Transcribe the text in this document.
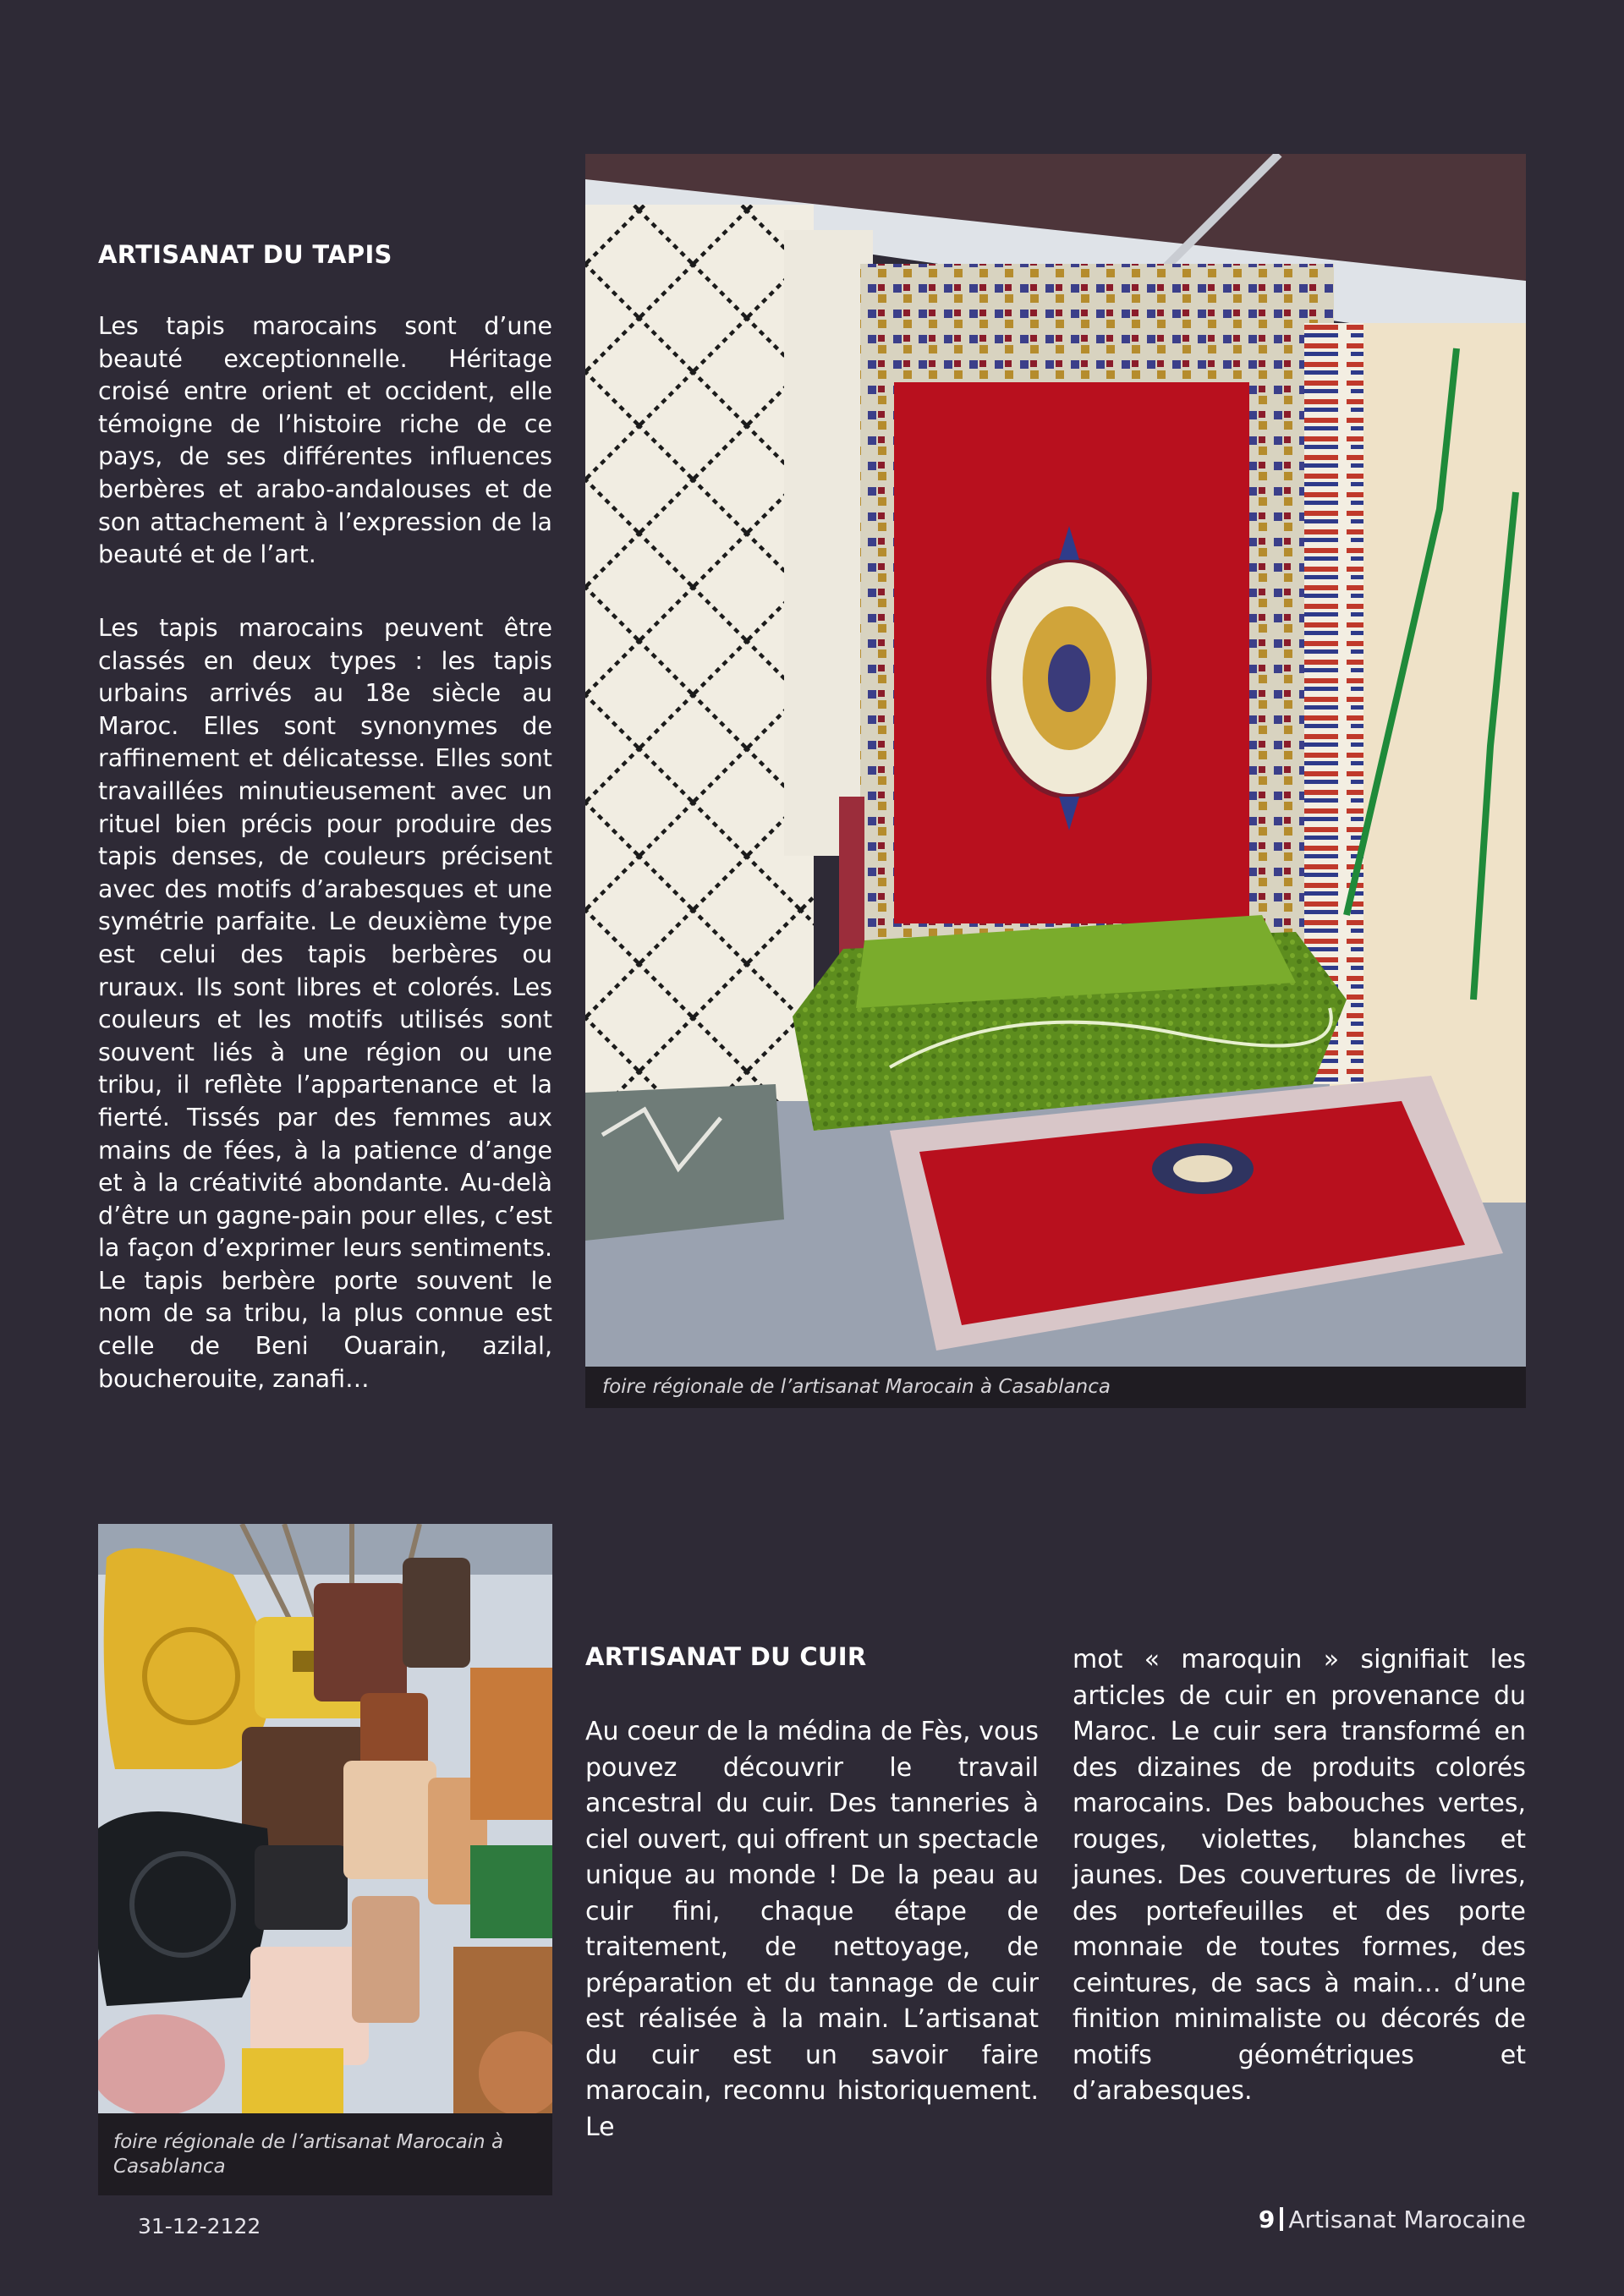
ARTISANAT DU TAPIS

Les tapis marocains sont d’une beauté exceptionnelle. Héritage croisé entre orient et occident, elle témoigne de l’histoire riche de ce pays, de ses différentes influences berbères et arabo-andalouses et de son attachement à l’expression de la beauté et de l’art.

Les tapis marocains peuvent être classés en deux types : les tapis urbains arrivés au 18e siècle au Maroc. Elles sont synonymes de raffinement et délicatesse. Elles sont travaillées minutieusement avec un rituel bien précis pour produire des tapis denses, de couleurs précisent avec des motifs d’arabesques et une symétrie parfaite. Le deuxième type est celui des tapis berbères ou ruraux. Ils sont libres et colorés. Les couleurs et les motifs utilisés sont souvent liés à une région ou une tribu, il reflète l’appartenance et la fierté. Tissés par des femmes aux mains de fées, à la patience d’ange et à la créativité abondante. Au-delà d’être un gagne-pain pour elles, c’est la façon d’exprimer leurs sentiments. Le tapis berbère porte souvent le nom de sa tribu, la plus connue est celle de Beni Ouarain, azilal, boucherouite, zanafi…	foire régionale de l’artisanat Marocain à Casablanca
foire régionale de l’artisanat Marocain à Casablanca
ARTISANAT DU CUIR

Au coeur de la médina de Fès, vous pouvez découvrir le travail ancestral du cuir. Des tanneries à ciel ouvert, qui offrent un spectacle unique au monde ! De la peau au cuir fini, chaque étape de traitement, de nettoyage, de préparation et du tannage de cuir est réalisée à la main. L’artisanat du cuir est un savoir faire marocain, reconnu historiquement. Le

mot « maroquin » signifiait les articles de cuir en provenance du Maroc. Le cuir sera transformé en des dizaines de produits colorés marocains. Des babouches vertes, rouges, violettes, blanches et jaunes. Des couvertures de livres, des portefeuilles et des porte monnaie de toutes formes, des ceintures, de sacs à main… d’une finition minimaliste ou décorés de motifs géométriques et d’arabesques.

31-12-2122	9 Artisanat Marocaine
